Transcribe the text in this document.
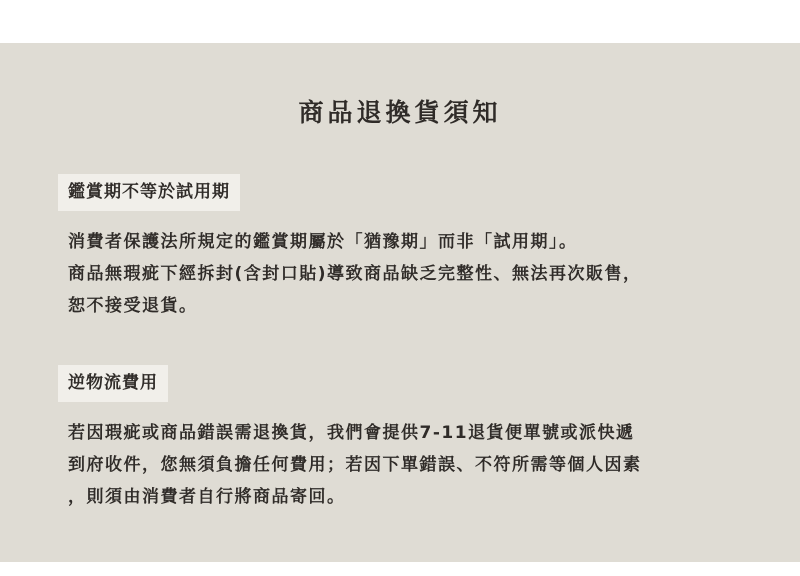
商品退換貨須知
鑑賞期不等於試用期

消費者保護法所規定的鑑賞期屬於「猶豫期」而非「試用期」。
商品無瑕疵下經拆封(含封口貼)導致商品缺乏完整性、無法再次販售，
恕不接受退貨。

逆物流費用

若因瑕疵或商品錯誤需退換貨，我們會提供7-11退貨便單號或派快遞
到府收件，您無須負擔任何費用；若因下單錯誤、不符所需等個人因素
，則須由消費者自行將商品寄回。
